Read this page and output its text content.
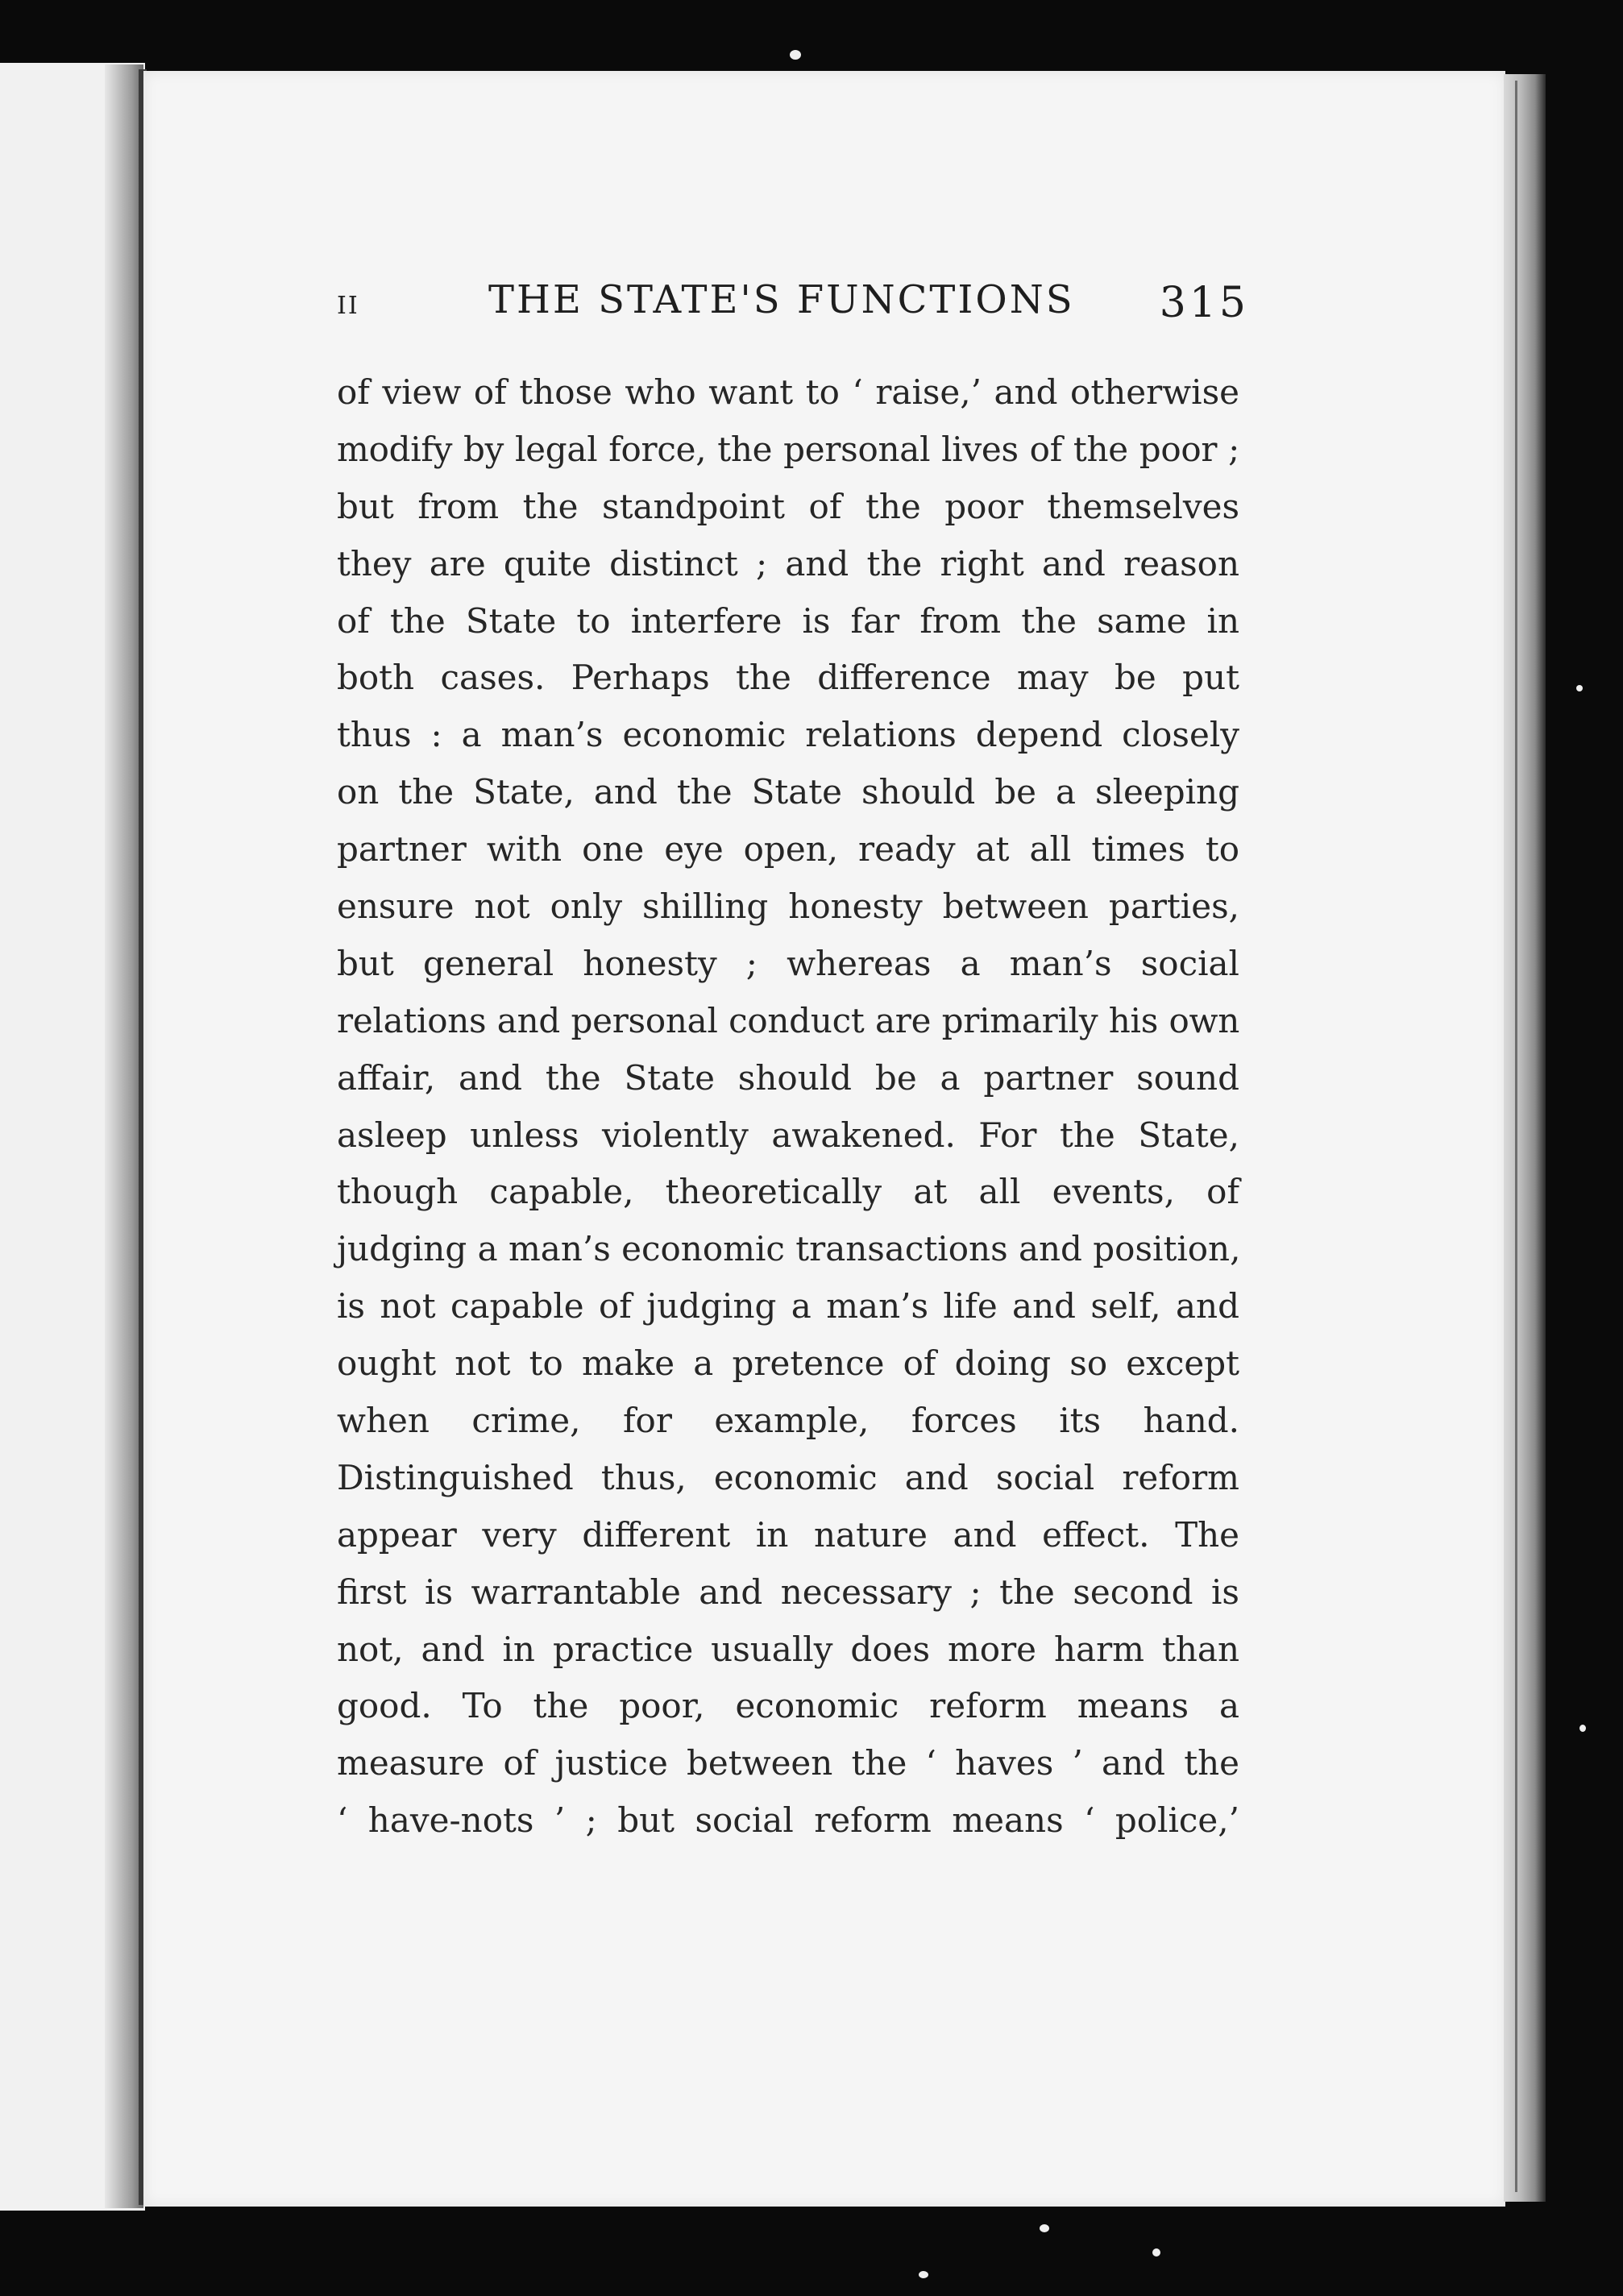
II	THE STATE'S FUNCTIONS 315
of view of those who want to ‘ raise,’ and otherwise
modify by legal force, the personal lives of the poor ;
but from the standpoint of the poor themselves
they are quite distinct ; and the right and reason
of the State to interfere is far from the same in
both cases. Perhaps the difference may be put
thus : a man’s economic relations depend closely
on the State, and the State should be a sleeping
partner with one eye open, ready at all times to
ensure not only shilling honesty between parties,
but general honesty ; whereas a man’s social
relations and personal conduct are primarily his own
affair, and the State should be a partner sound
asleep unless violently awakened. For the State,
though capable, theoretically at all events, of
judging a man’s economic transactions and position,
is not capable of judging a man’s life and self, and
ought not to make a pretence of doing so except
when crime, for example, forces its hand.
Distinguished thus, economic and social reform
appear very different in nature and effect. The
first is warrantable and necessary ; the second is
not, and in practice usually does more harm than
good. To the poor, economic reform means a
measure of justice between the ‘ haves ’ and the
‘ have-nots ’ ; but social reform means ‘ police,’
